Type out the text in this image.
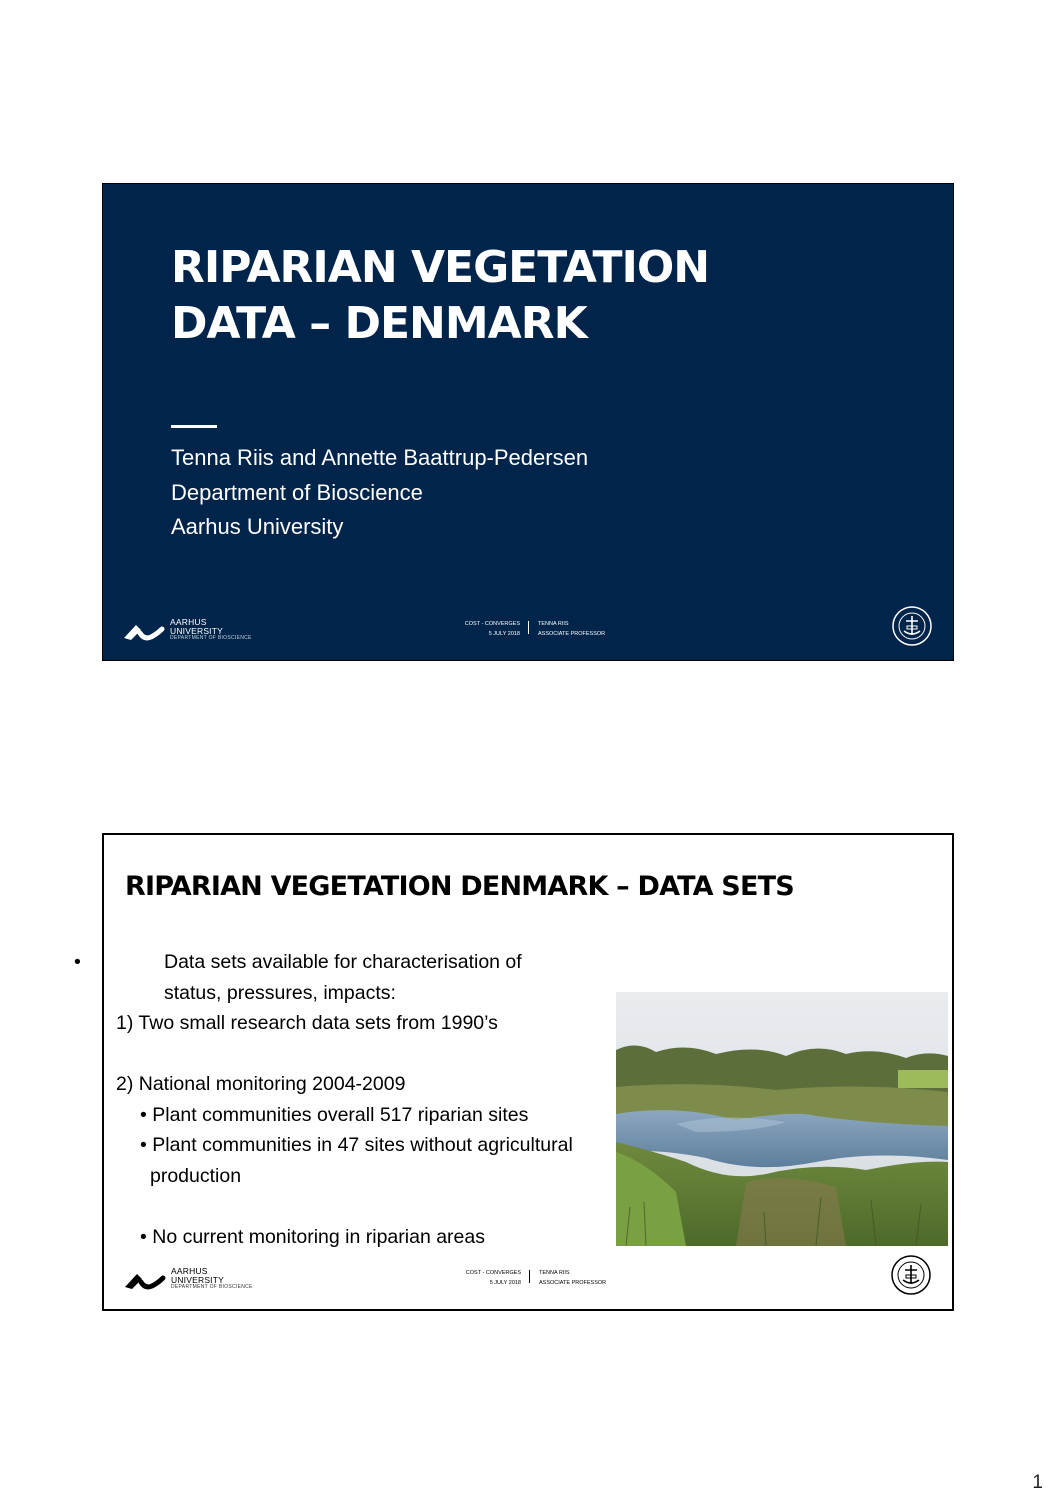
RIPARIAN VEGETATION
DATA – DENMARK
Tenna Riis and Annette Baattrup-Pedersen
Department of Bioscience
Aarhus University
AARHUS
UNIVERSITY
DEPARTMENT OF BIOSCIENCE
COST - CONVERGES
5 JULY 2018
TENNA RIIS
ASSOCIATE PROFESSOR
RIPARIAN VEGETATION DENMARK – DATA SETS
•	Data sets available for characterisation of
status, pressures, impacts:
1) Two small research data sets from 1990’s

2) National monitoring 2004-2009
• Plant communities overall 517 riparian sites
• Plant communities in 47 sites without agricultural
production

• No current monitoring in riparian areas
AARHUS
UNIVERSITY
DEPARTMENT OF BIOSCIENCE
COST - CONVERGES
5 JULY 2018
TENNA RIIS
ASSOCIATE PROFESSOR
1
